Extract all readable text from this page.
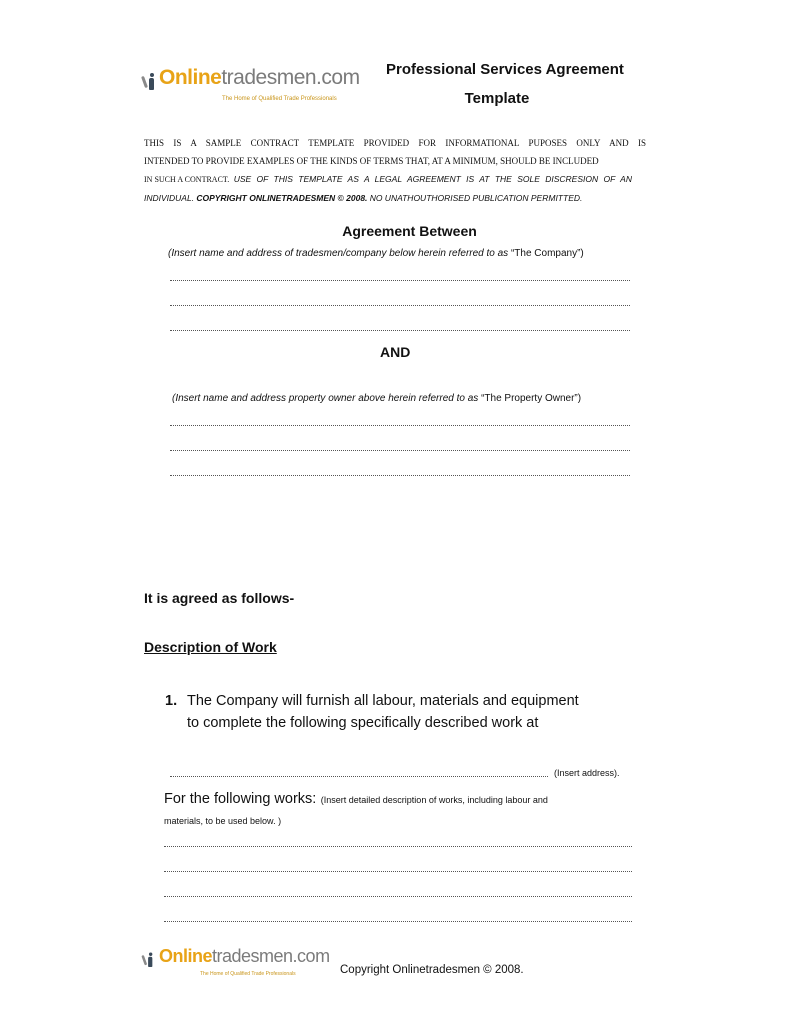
Online tradesmen.com
The Home of Qualified Trade Professionals
Professional Services Agreement
Template
THIS IS A SAMPLE CONTRACT TEMPLATE PROVIDED FOR INFORMATIONAL PUPOSES ONLY AND IS
INTENDED TO PROVIDE EXAMPLES OF THE KINDS OF TERMS THAT, AT A MINIMUM, SHOULD BE INCLUDED
IN SUCH A CONTRACT. USE OF THIS TEMPLATE AS A LEGAL AGREEMENT IS AT THE SOLE DISCRESION OF AN
INDIVIDUAL. COPYRIGHT ONLINETRADESMEN © 2008. NO UNATHOUTHORISED PUBLICATION PERMITTED.
Agreement Between
(Insert name and address of tradesmen/company below herein referred to as “The Company”)
AND
(Insert name and address property owner above herein referred to as “The Property Owner”)
It is agreed as follows-
Description of Work
1. The Company will furnish all labour, materials and equipment
to complete the following specifically described work at
(Insert address).
For the following works: (Insert detailed description of works, including labour and
materials, to be used below. )
Online tradesmen.com
The Home of Qualified Trade Professionals	Copyright Onlinetradesmen © 2008.
